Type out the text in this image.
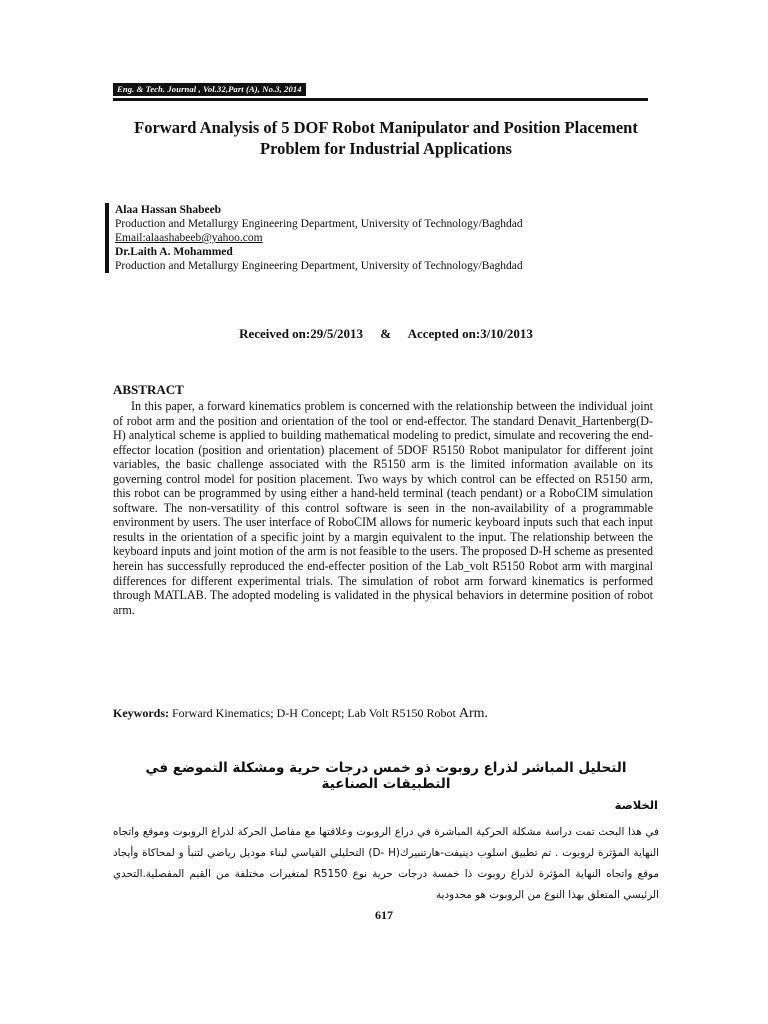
Eng. & Tech. Journal , Vol.32,Part (A), No.3, 2014
Forward Analysis of 5 DOF Robot Manipulator and Position Placement Problem for Industrial Applications
Alaa Hassan Shabeeb
Production and Metallurgy Engineering Department, University of Technology/Baghdad
Email:alaashabeeb@yahoo.com
Dr.Laith A. Mohammed
Production and Metallurgy Engineering Department, University of Technology/Baghdad
Received on:29/5/2013 & Accepted on:3/10/2013
ABSTRACT
In this paper, a forward kinematics problem is concerned with the relationship between the individual joint of robot arm and the position and orientation of the tool or end-effector. The standard Denavit_Hartenberg(D-H) analytical scheme is applied to building mathematical modeling to predict, simulate and recovering the end-effector location (position and orientation) placement of 5DOF R5150 Robot manipulator for different joint variables, the basic challenge associated with the R5150 arm is the limited information available on its governing control model for position placement. Two ways by which control can be effected on R5150 arm, this robot can be programmed by using either a hand-held terminal (teach pendant) or a RoboCIM simulation software. The non-versatility of this control software is seen in the non-availability of a programmable environment by users. The user interface of RoboCIM allows for numeric keyboard inputs such that each input results in the orientation of a specific joint by a margin equivalent to the input. The relationship between the keyboard inputs and joint motion of the arm is not feasible to the users. The proposed D-H scheme as presented herein has successfully reproduced the end-effecter position of the Lab_volt R5150 Robot arm with marginal differences for different experimental trials. The simulation of robot arm forward kinematics is performed through MATLAB. The adopted modeling is validated in the physical behaviors in determine position of robot arm.
Keywords: Forward Kinematics; D-H Concept; Lab Volt R5150 Robot Arm.
التحليل المباشر لذراع روبوت ذو خمس درجات حرية ومشكلة التموضع في التطبيقات الصناعية
الخلاصة
في هذا البحث تمت دراسة مشكلة الحركية المباشرة في دراع الروبوت وعلاقتها مع مفاصل الحركة لذراع الروبوت وموقع واتجاه النهاية المؤثرة لروبوت . تم تطبيق اسلوب دينيفت-هارتنبيرك(D- H) التحليلي القياسي لبناء موديل رياضي لتنبأ و لمحاكاة وأيجاد موقع واتجاه النهاية المؤثرة لذراع روبوت ذا خمسة درجات حرية نوع R5150 لمتغيرات مختلفة من القيم المفصلية.التحدي الرئيسي المتعلق بهذا النوع من الروبوت هو محدودية
617
